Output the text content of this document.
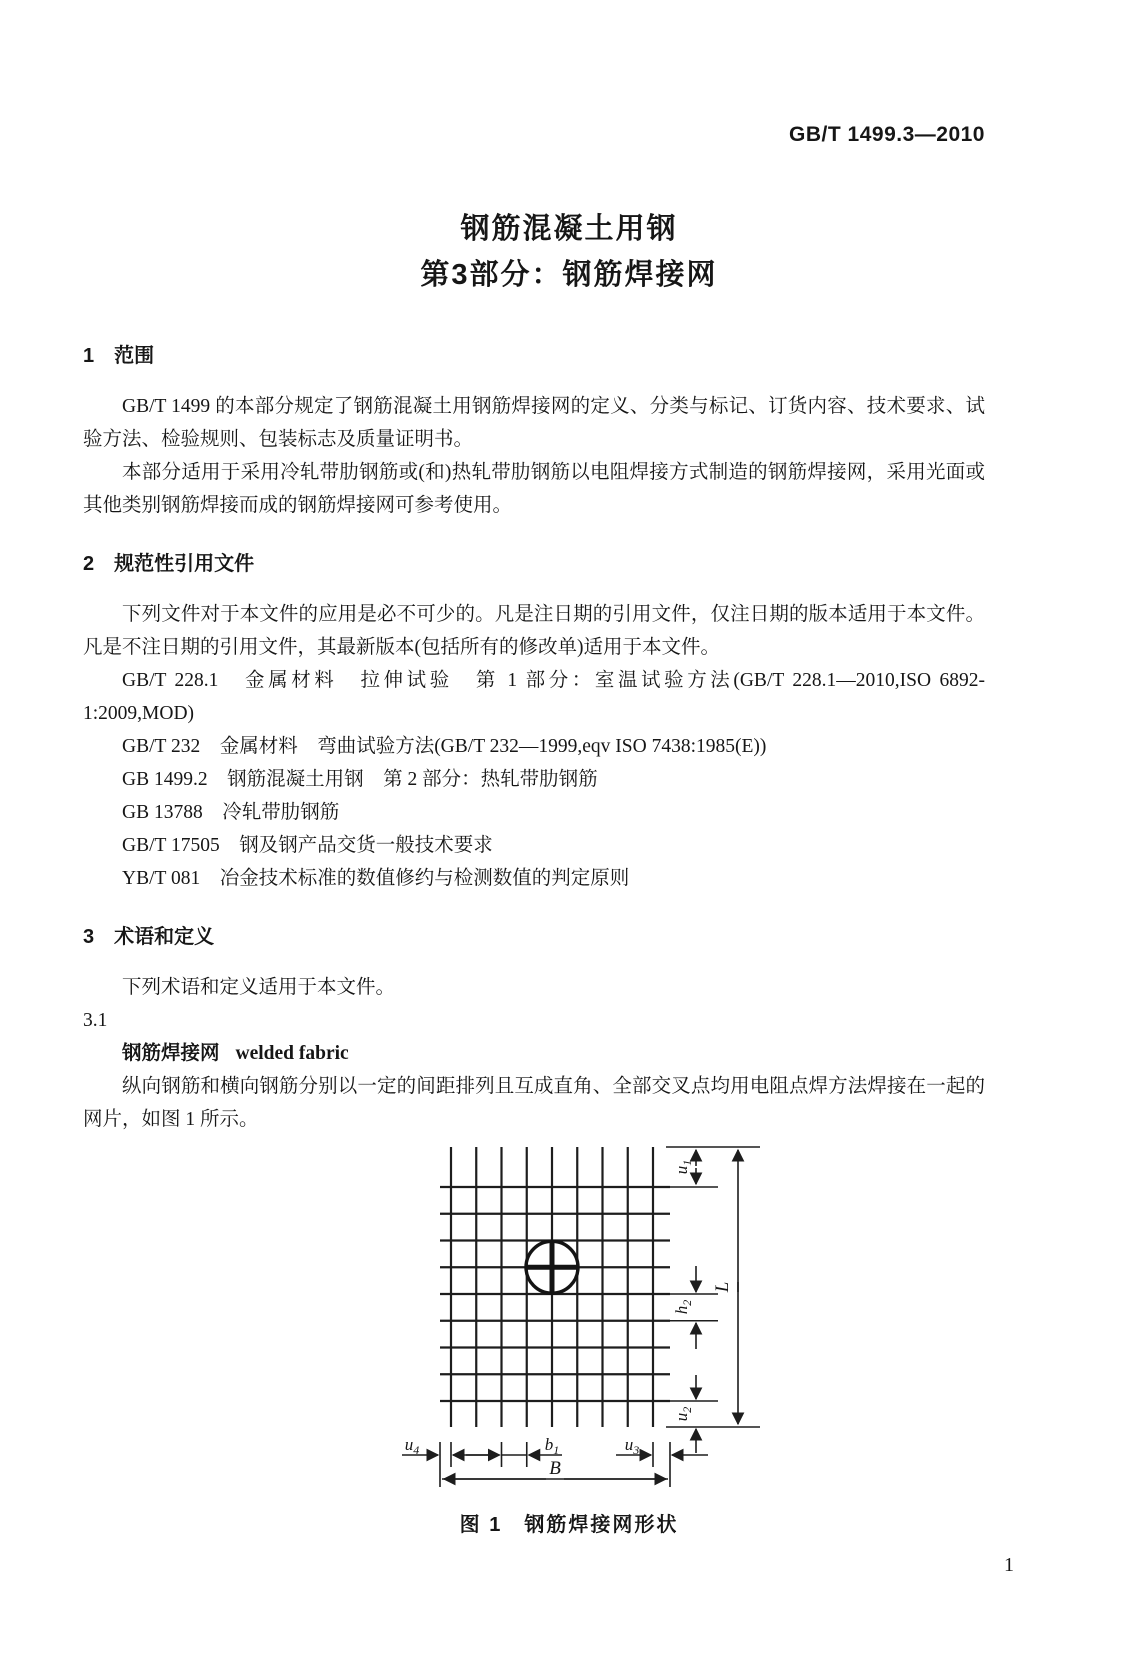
GB/T 1499.3—2010
钢筋混凝土用钢
第3部分：钢筋焊接网
1　范围

GB/T 1499 的本部分规定了钢筋混凝土用钢筋焊接网的定义、分类与标记、订货内容、技术要求、试验方法、检验规则、包装标志及质量证明书。

本部分适用于采用冷轧带肋钢筋或(和)热轧带肋钢筋以电阻焊接方式制造的钢筋焊接网，采用光面或其他类别钢筋焊接而成的钢筋焊接网可参考使用。

2　规范性引用文件

下列文件对于本文件的应用是必不可少的。凡是注日期的引用文件，仅注日期的版本适用于本文件。凡是不注日期的引用文件，其最新版本(包括所有的修改单)适用于本文件。

GB/T 228.1　金属材料　拉伸试验　第 1 部分：室温试验方法(GB/T 228.1—2010,ISO 6892-1:2009,MOD)

GB/T 232　金属材料　弯曲试验方法(GB/T 232—1999,eqv ISO 7438:1985(E))

GB 1499.2　钢筋混凝土用钢　第 2 部分：热轧带肋钢筋

GB 13788　冷轧带肋钢筋

GB/T 17505　钢及钢产品交货一般技术要求

YB/T 081　冶金技术标准的数值修约与检测数值的判定原则

3　术语和定义

下列术语和定义适用于本文件。

3.1

钢筋焊接网 welded fabric

纵向钢筋和横向钢筋分别以一定的间距排列且互成直角、全部交叉点均用电阻点焊方法焊接在一起的网片，如图 1 所示。

$u_1$
$h_2$
$u_2$
L
$u_4$	$b_1$	$u_3$
B
图 1　钢筋焊接网形状
1
